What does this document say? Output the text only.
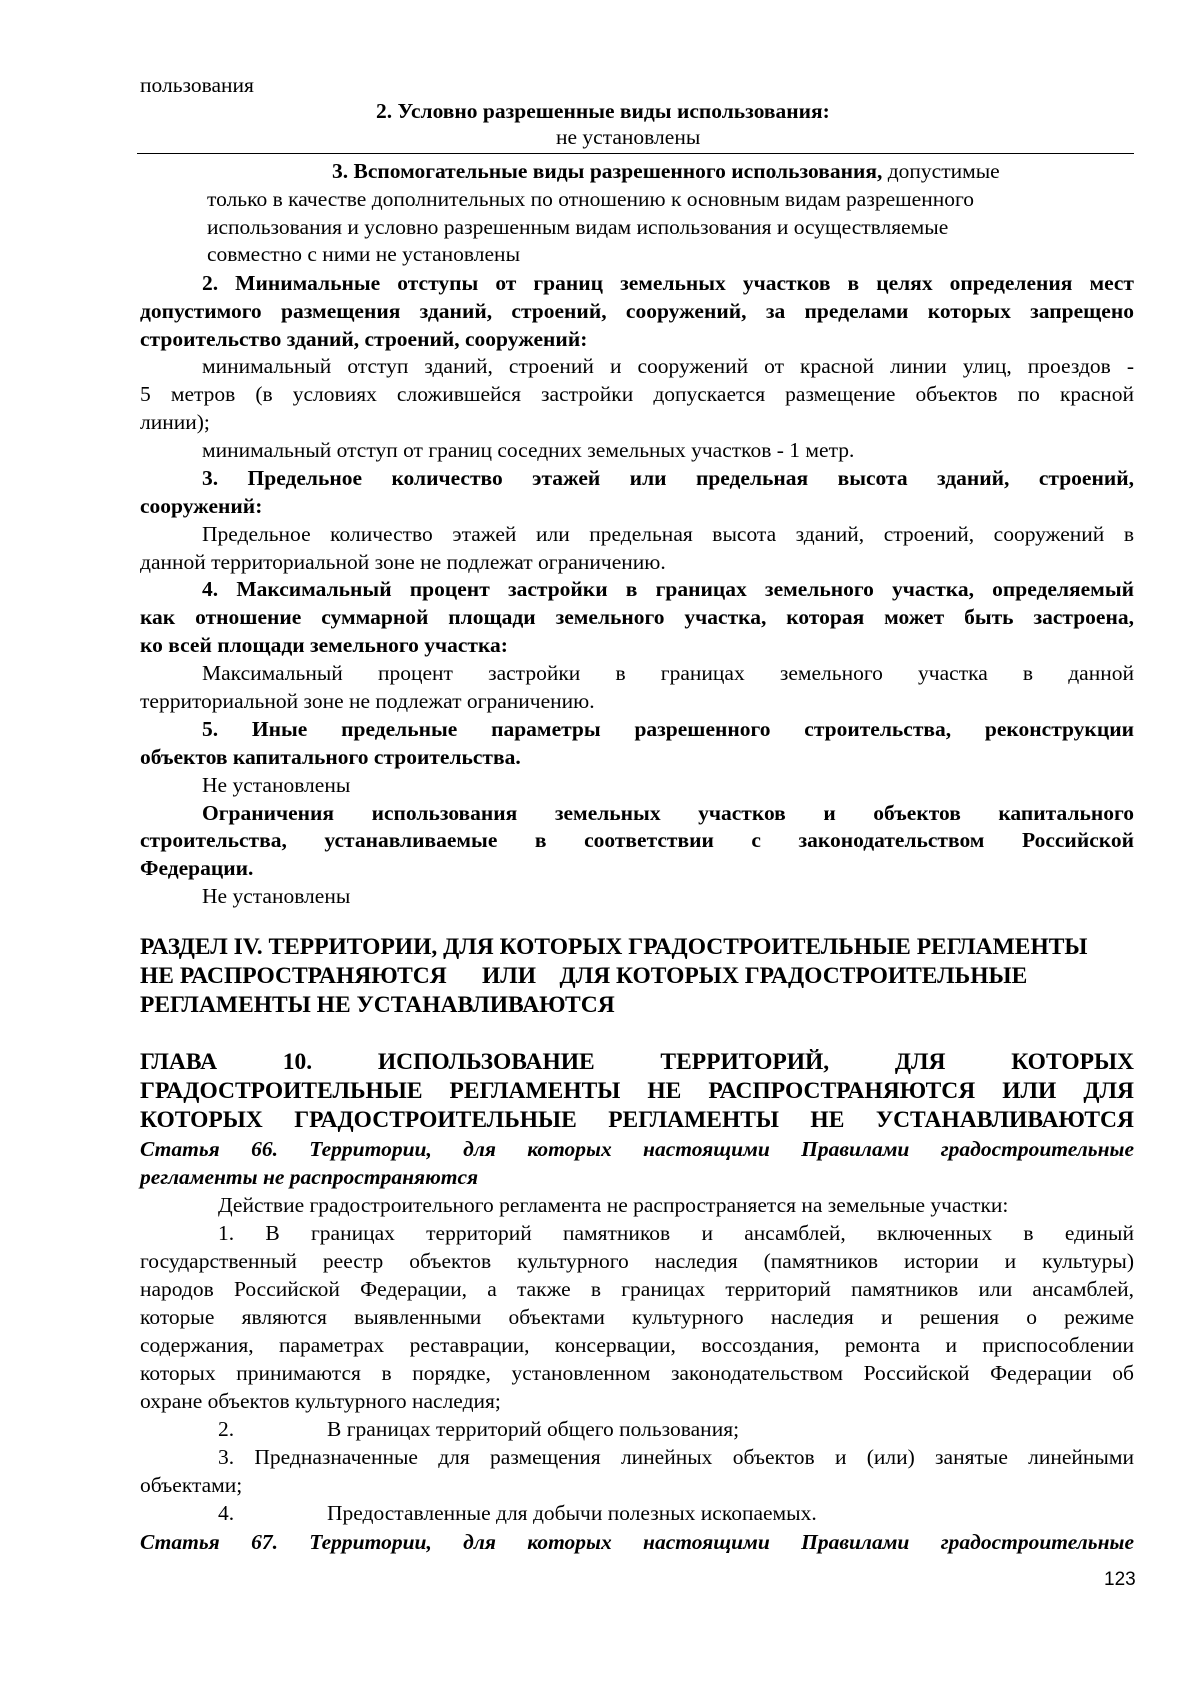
пользования
2. Условно разрешенные виды использования:
не установлены
3. Вспомогательные виды разрешенного использования, допустимые
только в качестве дополнительных по отношению к основным видам разрешенного
использования и условно разрешенным видам использования и осуществляемые
совместно с ними не установлены
2. Минимальные отступы от границ земельных участков в целях определения мест
допустимого размещения зданий, строений, сооружений, за пределами которых запрещено
строительство зданий, строений, сооружений:
минимальный отступ зданий, строений и сооружений от красной линии улиц, проездов -
5 метров (в условиях сложившейся застройки допускается размещение объектов по красной
линии);
минимальный отступ от границ соседних земельных участков - 1 метр.
3. Предельное количество этажей или предельная высота зданий, строений,
сооружений:
Предельное количество этажей или предельная высота зданий, строений, сооружений в
данной территориальной зоне не подлежат ограничению.
4. Максимальный процент застройки в границах земельного участка, определяемый
как отношение суммарной площади земельного участка, которая может быть застроена,
ко всей площади земельного участка:
Максимальный процент застройки в границах земельного участка в данной
территориальной зоне не подлежат ограничению.
5. Иные предельные параметры разрешенного строительства, реконструкции
объектов капитального строительства.
Не установлены
Ограничения использования земельных участков и объектов капитального
строительства, устанавливаемые в соответствии с законодательством Российской
Федерации.
Не установлены
РАЗДЕЛ IV. ТЕРРИТОРИИ, ДЛЯ КОТОРЫХ ГРАДОСТРОИТЕЛЬНЫЕ РЕГЛАМЕНТЫ
НЕ РАСПРОСТРАНЯЮТСЯ      ИЛИ    ДЛЯ КОТОРЫХ ГРАДОСТРОИТЕЛЬНЫЕ
РЕГЛАМЕНТЫ НЕ УСТАНАВЛИВАЮТСЯ
ГЛАВА 10. ИСПОЛЬЗОВАНИЕ ТЕРРИТОРИЙ, ДЛЯ КОТОРЫХ
ГРАДОСТРОИТЕЛЬНЫЕ РЕГЛАМЕНТЫ НЕ РАСПРОСТРАНЯЮТСЯ ИЛИ ДЛЯ
КОТОРЫХ ГРАДОСТРОИТЕЛЬНЫЕ РЕГЛАМЕНТЫ НЕ УСТАНАВЛИВАЮТСЯ
Статья 66. Территории, для которых настоящими Правилами градостроительные
регламенты не распространяются
Действие градостроительного регламента не распространяется на земельные участки:
1. В границах территорий памятников и ансамблей, включенных в единый
государственный реестр объектов культурного наследия (памятников истории и культуры)
народов Российской Федерации, а также в границах территорий памятников или ансамблей,
которые являются выявленными объектами культурного наследия и решения о режиме
содержания, параметрах реставрации, консервации, воссоздания, ремонта и приспособлении
которых принимаются в порядке, установленном законодательством Российской Федерации об
охране объектов культурного наследия;
2.	В границах территорий общего пользования;
3. Предназначенные для размещения линейных объектов и (или) занятые линейными
объектами;
4.	Предоставленные для добычи полезных ископаемых.
Статья 67. Территории, для которых настоящими Правилами градостроительные
123
